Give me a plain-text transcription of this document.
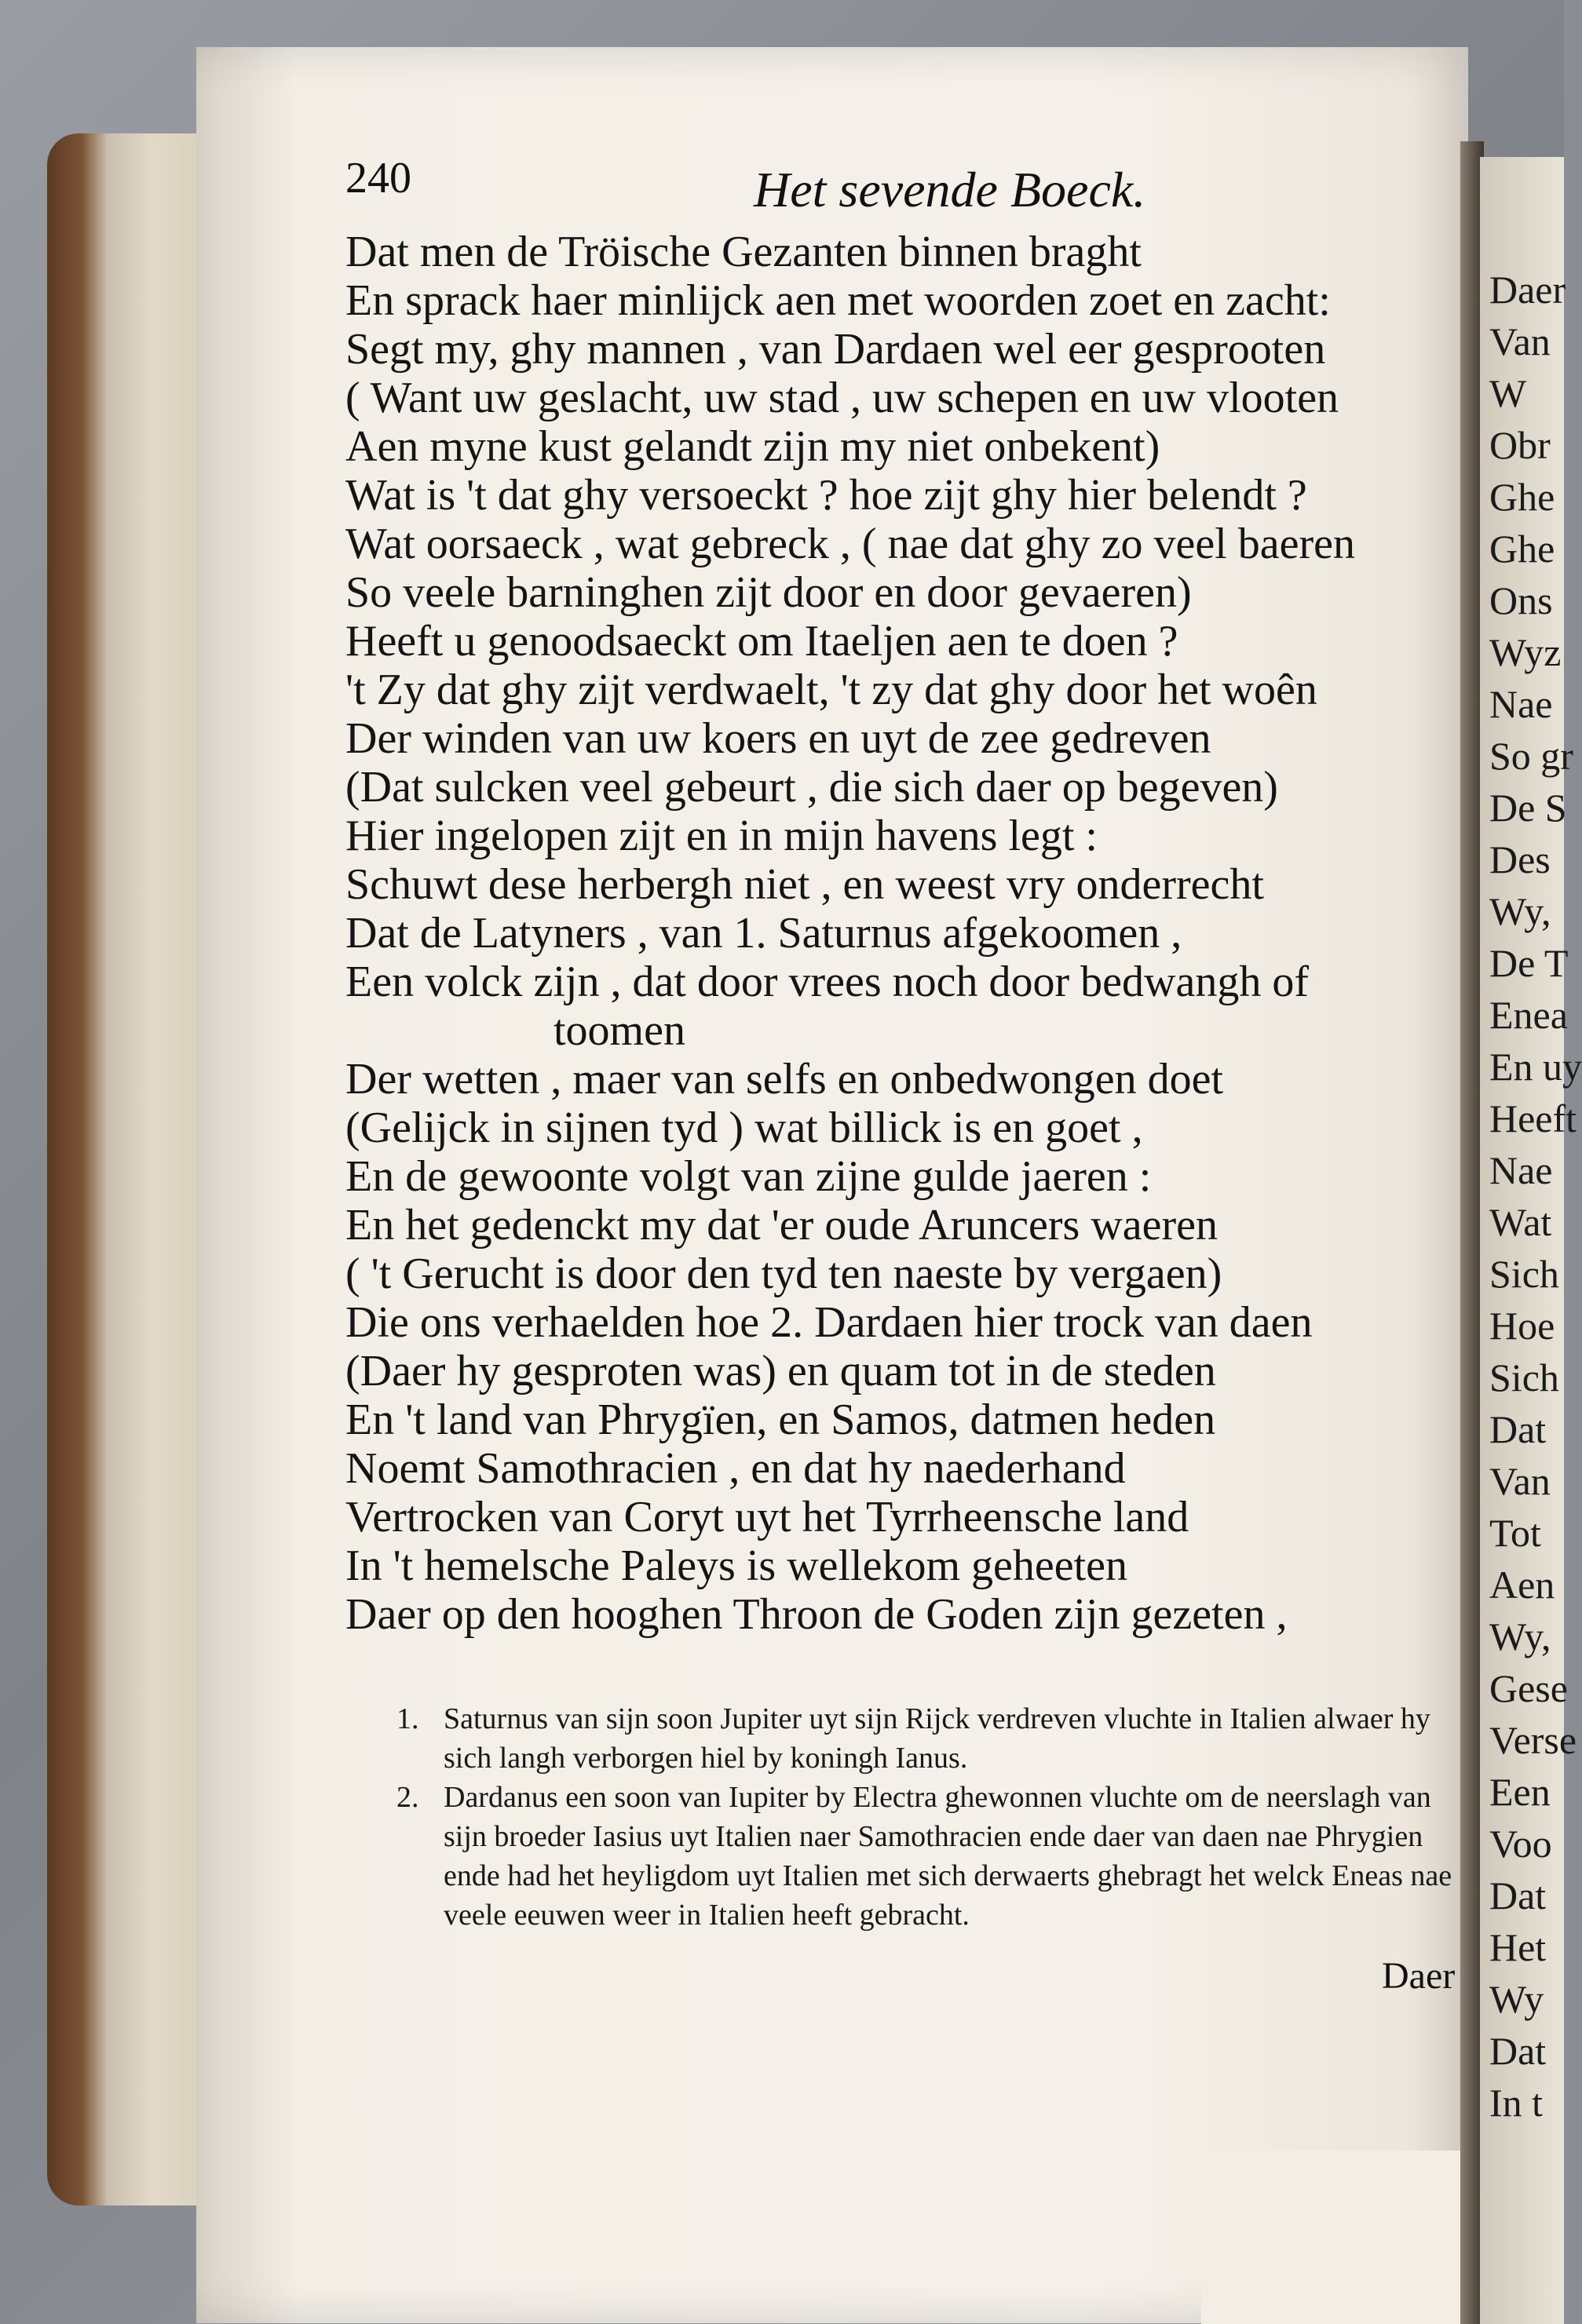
Daer
Van
W
Obr
Ghe
Ghe
Ons
Wyz
Nae
So gr
De S
Des
Wy,
De T
Enea
En uy
Heeft
Nae
Wat
Sich
Hoe
Sich
Dat
Van
Tot
Aen
Wy,
Gese
Verse
Een
Voo
Dat
Het
Wy
Dat
In t
240	Het sevende Boeck.
Dat men de Tröische Gezanten binnen braght
En sprack haer minlijck aen met woorden zoet en zacht:
Segt my, ghy mannen , van Dardaen wel eer gesprooten
( Want uw geslacht, uw stad , uw schepen en uw vlooten
Aen myne kust gelandt zijn my niet onbekent)
Wat is 't dat ghy versoeckt ? hoe zijt ghy hier belendt ?
Wat oorsaeck , wat gebreck , ( nae dat ghy zo veel baeren
So veele barninghen zijt door en door gevaeren)
Heeft u genoodsaeckt om Itaeljen aen te doen ?
't Zy dat ghy zijt verdwaelt, 't zy dat ghy door het woên
Der winden van uw koers en uyt de zee gedreven
(Dat sulcken veel gebeurt , die sich daer op begeven)
Hier ingelopen zijt en in mijn havens legt :
Schuwt dese herbergh niet , en weest vry onderrecht
Dat de Latyners , van 1. Saturnus afgekoomen ,
Een volck zijn , dat door vrees noch door bedwangh of
toomen
Der wetten , maer van selfs en onbedwongen doet
(Gelijck in sijnen tyd ) wat billick is en goet ,
En de gewoonte volgt van zijne gulde jaeren :
En het gedenckt my dat 'er oude Aruncers waeren
( 't Gerucht is door den tyd ten naeste by vergaen)
Die ons verhaelden hoe 2. Dardaen hier trock van daen
(Daer hy gesproten was) en quam tot in de steden
En 't land van Phrygïen, en Samos, datmen heden
Noemt Samothracien , en dat hy naederhand
Vertrocken van Coryt uyt het Tyrrheensche land
In 't hemelsche Paleys is wellekom geheeten
Daer op den hooghen Throon de Goden zijn gezeten ,
1. Saturnus van sijn soon Jupiter uyt sijn Rijck verdreven vluchte in Italien alwaer hy sich langh verborgen hiel by koningh Ianus.
2. Dardanus een soon van Iupiter by Electra ghewonnen vluchte om de neerslagh van sijn broeder Iasius uyt Italien naer Samothracien ende daer van daen nae Phrygien ende had het heyligdom uyt Italien met sich derwaerts ghebragt het welck Eneas nae veele eeuwen weer in Italien heeft gebracht.
Daer
